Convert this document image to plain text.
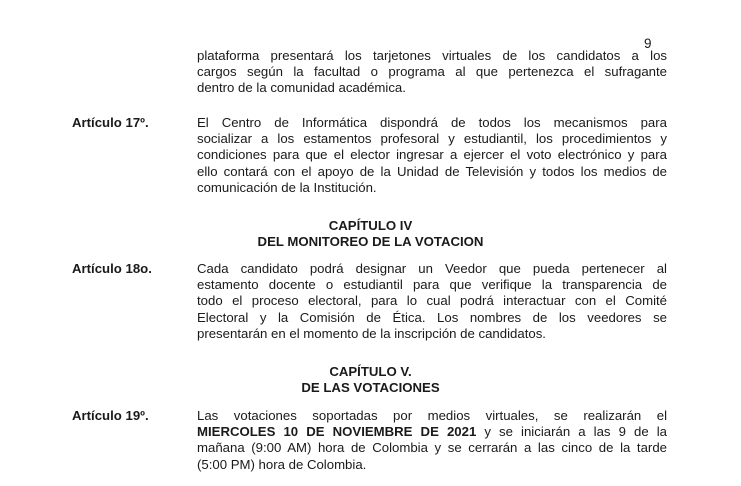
9
plataforma presentará los tarjetones virtuales de los candidatos a los
cargos según la facultad o programa al que pertenezca el sufragante
dentro de la comunidad académica.
Artículo 17º.	El Centro de Informática dispondrá de todos los mecanismos para
socializar a los estamentos profesoral y estudiantil, los procedimientos y
condiciones para que el elector ingresar a ejercer el voto electrónico y para
ello contará con el apoyo de la Unidad de Televisión y todos los medios de
comunicación de la Institución.
CAPÍTULO IV
DEL MONITOREO DE LA VOTACION
Artículo 18o.	Cada candidato podrá designar un Veedor que pueda pertenecer al
estamento docente o estudiantil para que verifique la transparencia de
todo el proceso electoral, para lo cual podrá interactuar con el Comité
Electoral y la Comisión de Ética. Los nombres de los veedores se
presentarán en el momento de la inscripción de candidatos.
CAPÍTULO V.
DE LAS VOTACIONES
Artículo 19º.	Las votaciones soportadas por medios virtuales, se realizarán el
MIERCOLES 10 DE NOVIEMBRE DE 2021 y se iniciarán a las 9 de la
mañana (9:00 AM) hora de Colombia y se cerrarán a las cinco de la tarde
(5:00 PM) hora de Colombia.
